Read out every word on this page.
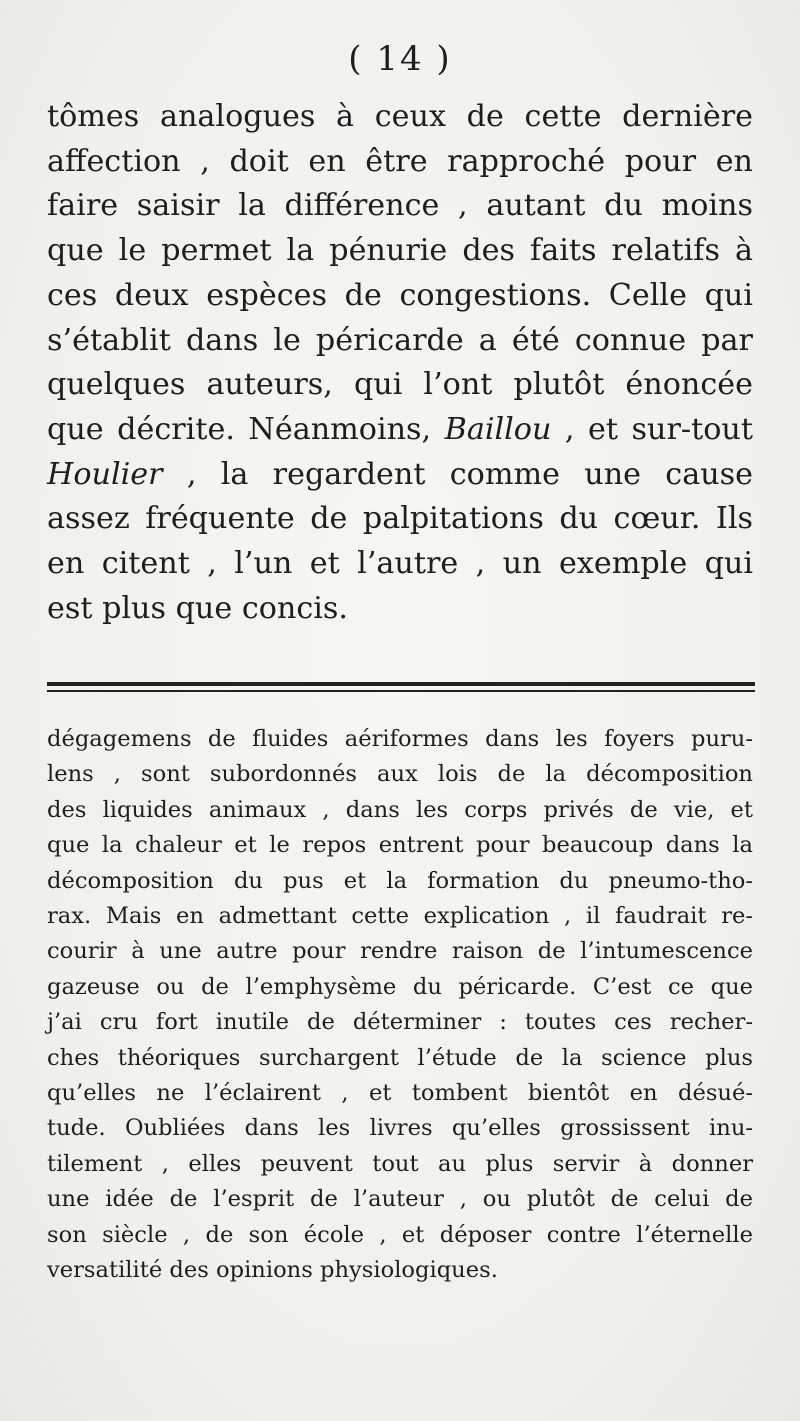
( 14 )
tômes analogues à ceux de cette dernière
affection , doit en être rapproché pour en
faire saisir la différence , autant du moins
que le permet la pénurie des faits relatifs à
ces deux espèces de congestions. Celle qui
s’établit dans le péricarde a été connue par
quelques auteurs, qui l’ont plutôt énoncée
que décrite. Néanmoins, Baillou , et sur-tout
Houlier , la regardent comme une cause
assez fréquente de palpitations du cœur. Ils
en citent , l’un et l’autre , un exemple qui
est plus que concis.
dégagemens de fluides aériformes dans les foyers puru-
lens , sont subordonnés aux lois de la décomposition
des liquides animaux , dans les corps privés de vie, et
que la chaleur et le repos entrent pour beaucoup dans la
décomposition du pus et la formation du pneumo-tho-
rax. Mais en admettant cette explication , il faudrait re-
courir à une autre pour rendre raison de l’intumescence
gazeuse ou de l’emphysème du péricarde. C’est ce que
j’ai cru fort inutile de déterminer : toutes ces recher-
ches théoriques surchargent l’étude de la science plus
qu’elles ne l’éclairent , et tombent bientôt en désué-
tude. Oubliées dans les livres qu’elles grossissent inu-
tilement , elles peuvent tout au plus servir à donner
une idée de l’esprit de l’auteur , ou plutôt de celui de
son siècle , de son école , et déposer contre l’éternelle
versatilité des opinions physiologiques.
